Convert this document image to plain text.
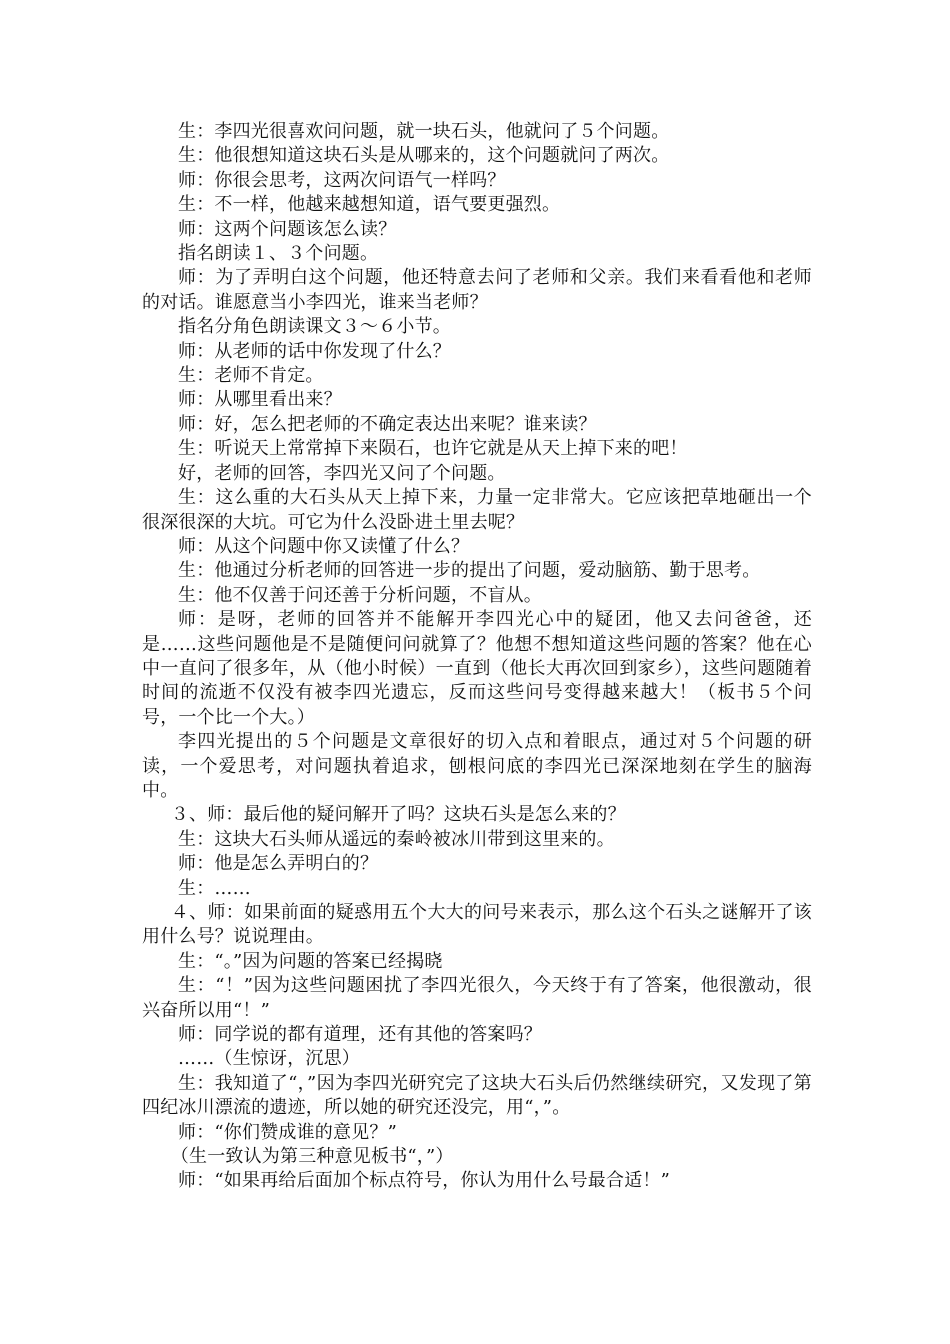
生：李四光很喜欢问问题，就一块石头，他就问了５个问题。

生：他很想知道这块石头是从哪来的，这个问题就问了两次。

师：你很会思考，这两次问语气一样吗？

生：不一样，他越来越想知道，语气要更强烈。

师：这两个问题该怎么读？

指名朗读１、３个问题。

师：为了弄明白这个问题，他还特意去问了老师和父亲。我们来看看他和老师的对话。谁愿意当小李四光，谁来当老师？

指名分角色朗读课文３～６小节。

师：从老师的话中你发现了什么？

生：老师不肯定。

师：从哪里看出来？

师：好，怎么把老师的不确定表达出来呢？谁来读？

生：听说天上常常掉下来陨石，也许它就是从天上掉下来的吧！

好，老师的回答，李四光又问了个问题。

生：这么重的大石头从天上掉下来，力量一定非常大。它应该把草地砸出一个很深很深的大坑。可它为什么没卧进土里去呢？

师：从这个问题中你又读懂了什么？

生：他通过分析老师的回答进一步的提出了问题，爱动脑筋、勤于思考。

生：他不仅善于问还善于分析问题，不盲从。

师：是呀，老师的回答并不能解开李四光心中的疑团，他又去问爸爸，还是……这些问题他是不是随便问问就算了？他想不想知道这些问题的答案？他在心中一直问了很多年，从（他小时候）一直到（他长大再次回到家乡），这些问题随着时间的流逝不仅没有被李四光遗忘，反而这些问号变得越来越大！（板书５个问号，一个比一个大。）

李四光提出的５个问题是文章很好的切入点和着眼点，通过对５个问题的研读，一个爱思考，对问题执着追求，刨根问底的李四光已深深地刻在学生的脑海中。

３、师：最后他的疑问解开了吗？这块石头是怎么来的？

生：这块大石头师从遥远的秦岭被冰川带到这里来的。

师：他是怎么弄明白的？

生：……

４、师：如果前面的疑惑用五个大大的问号来表示，那么这个石头之谜解开了该用什么号？说说理由。

生：“。”因为问题的答案已经揭晓

生：“！”因为这些问题困扰了李四光很久，今天终于有了答案，他很激动，很兴奋所以用“！”

师：同学说的都有道理，还有其他的答案吗？

……（生惊讶，沉思）

生：我知道了“，”因为李四光研究完了这块大石头后仍然继续研究，又发现了第四纪冰川漂流的遗迹，所以她的研究还没完，用“，”。

师：“你们赞成谁的意见？”

（生一致认为第三种意见板书“，”）

师：“如果再给后面加个标点符号，你认为用什么号最合适！”
